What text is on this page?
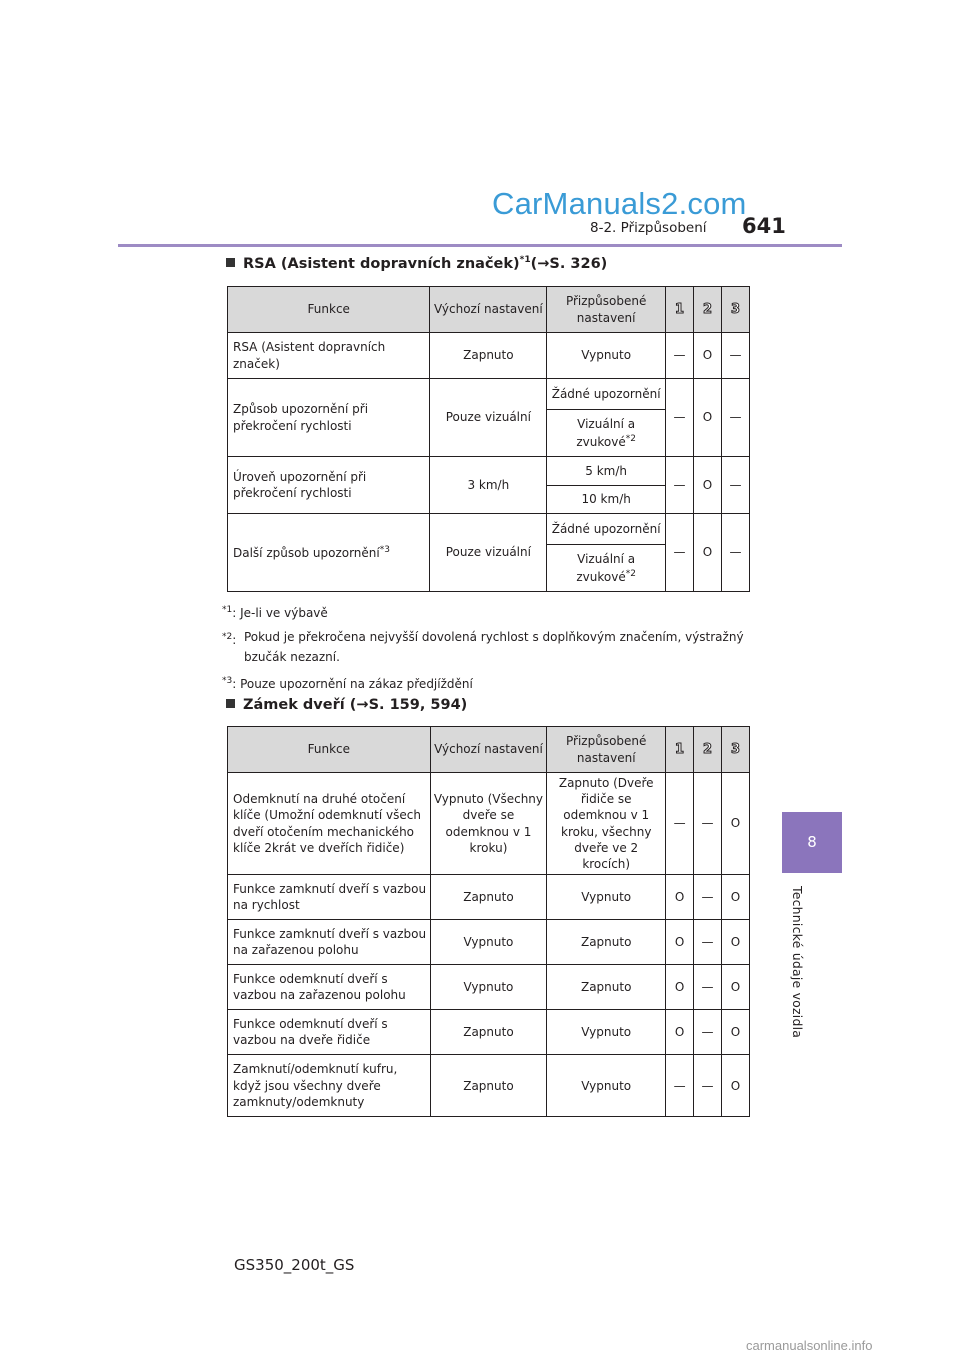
CarManuals2.com
8-2. Přizpůsobení 641
8
Technické údaje vozidla
RSA (Asistent dopravních značek)$^{*1}$(→S. 326)
Funkce	Výchozí nastavení	Přizpůsobené nastavení	1	2	3
RSA (Asistent dopravních značek)	Zapnuto	Vypnuto	—	O	—
Způsob upozornění při překročení rychlosti	Pouze vizuální	Žádné upozornění	—	O	—
		Vizuální a zvukové$^{*2}$
Úroveň upozornění při překročení rychlosti	3 km/h	5 km/h	—	O	—
		10 km/h			
Další způsob upozornění$^{*3}$	Pouze vizuální	Žádné upozornění	—	O	—
		Vizuální a zvukové$^{*2}$
$^{*1}$: Je-li ve výbavě
$^{*2}$: Pokud je překročena nejvyšší dovolená rychlost s doplňkovým značením, výstražný bzučák nezazní.
$^{*3}$: Pouze upozornění na zákaz předjíždění
Zámek dveří (→S. 159, 594)
Funkce	Výchozí nastavení	Přizpůsobené nastavení	1	2	3
Odemknutí na druhé otočení klíče (Umožní odemknutí všech dveří otočením mechanického klíče 2krát ve dveřích řidiče)	Vypnuto (Všechny dveře se odemknou v 1 kroku)	Zapnuto (Dveře řidiče se odemknou v 1 kroku, všechny dveře ve 2 krocích)	—	—	O
Funkce zamknutí dveří s vazbou na rychlost	Zapnuto	Vypnuto	O	—	O
Funkce zamknutí dveří s vazbou na zařazenou polohu	Vypnuto	Zapnuto	O	—	O
Funkce odemknutí dveří s vazbou na zařazenou polohu	Vypnuto	Zapnuto	O	—	O
Funkce odemknutí dveří s vazbou na dveře řidiče	Zapnuto	Vypnuto	O	—	O
Zamknutí/odemknutí kufru, když jsou všechny dveře zamknuty/odemknuty	Zapnuto	Vypnuto	—	—	O
GS350_200t_GS
carmanualsonline.info
